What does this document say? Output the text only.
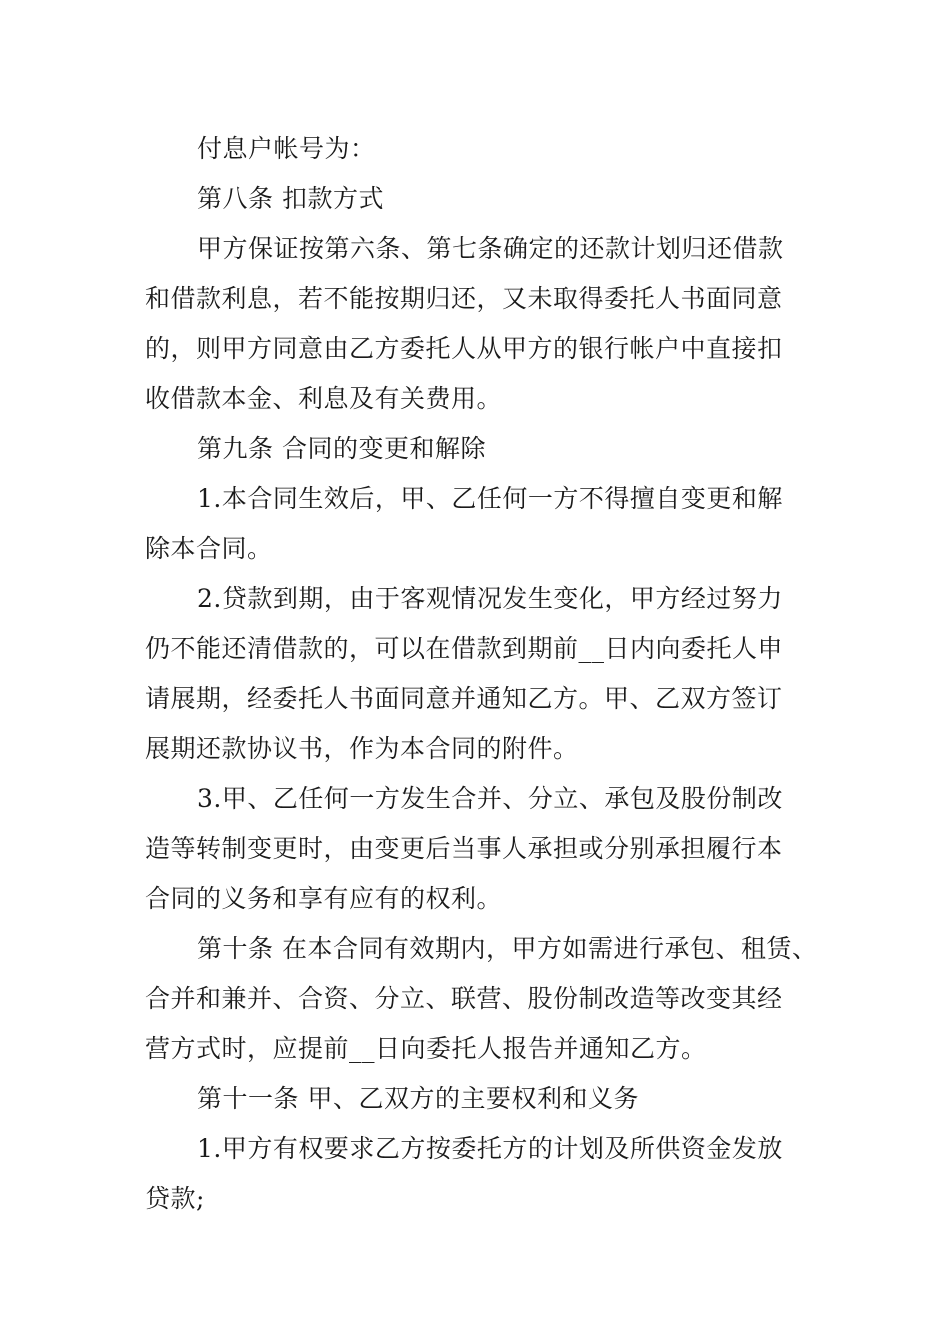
付息户帐号为：
第八条 扣款方式
甲方保证按第六条、第七条确定的还款计划归还借款
和借款利息，若不能按期归还，又未取得委托人书面同意
的，则甲方同意由乙方委托人从甲方的银行帐户中直接扣
收借款本金、利息及有关费用。
第九条 合同的变更和解除
1.本合同生效后，甲、乙任何一方不得擅自变更和解
除本合同。
2.贷款到期，由于客观情况发生变化，甲方经过努力
仍不能还清借款的，可以在借款到期前__日内向委托人申
请展期，经委托人书面同意并通知乙方。甲、乙双方签订
展期还款协议书，作为本合同的附件。
3.甲、乙任何一方发生合并、分立、承包及股份制改
造等转制变更时，由变更后当事人承担或分别承担履行本
合同的义务和享有应有的权利。
第十条 在本合同有效期内，甲方如需进行承包、租赁、
合并和兼并、合资、分立、联营、股份制改造等改变其经
营方式时，应提前__日向委托人报告并通知乙方。
第十一条 甲、乙双方的主要权利和义务
1.甲方有权要求乙方按委托方的计划及所供资金发放
贷款;
